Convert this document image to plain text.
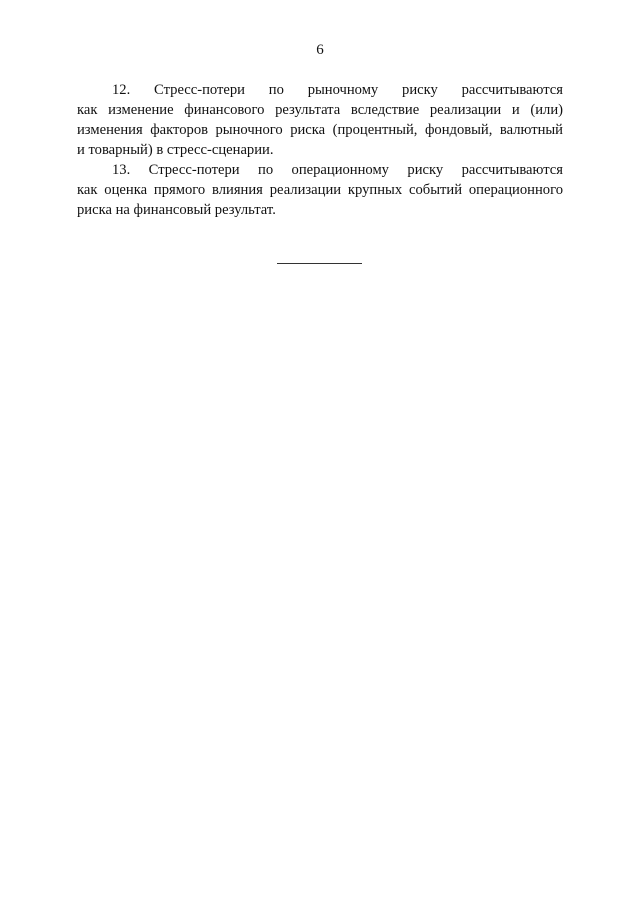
6

12. Стресс-потери по рыночному риску рассчитываются
как изменение финансового результата вследствие реализации и (или)
изменения факторов рыночного риска (процентный, фондовый, валютный
и товарный) в стресс-сценарии.

13. Стресс-потери по операционному риску рассчитываются
как оценка прямого влияния реализации крупных событий операционного
риска на финансовый результат.
